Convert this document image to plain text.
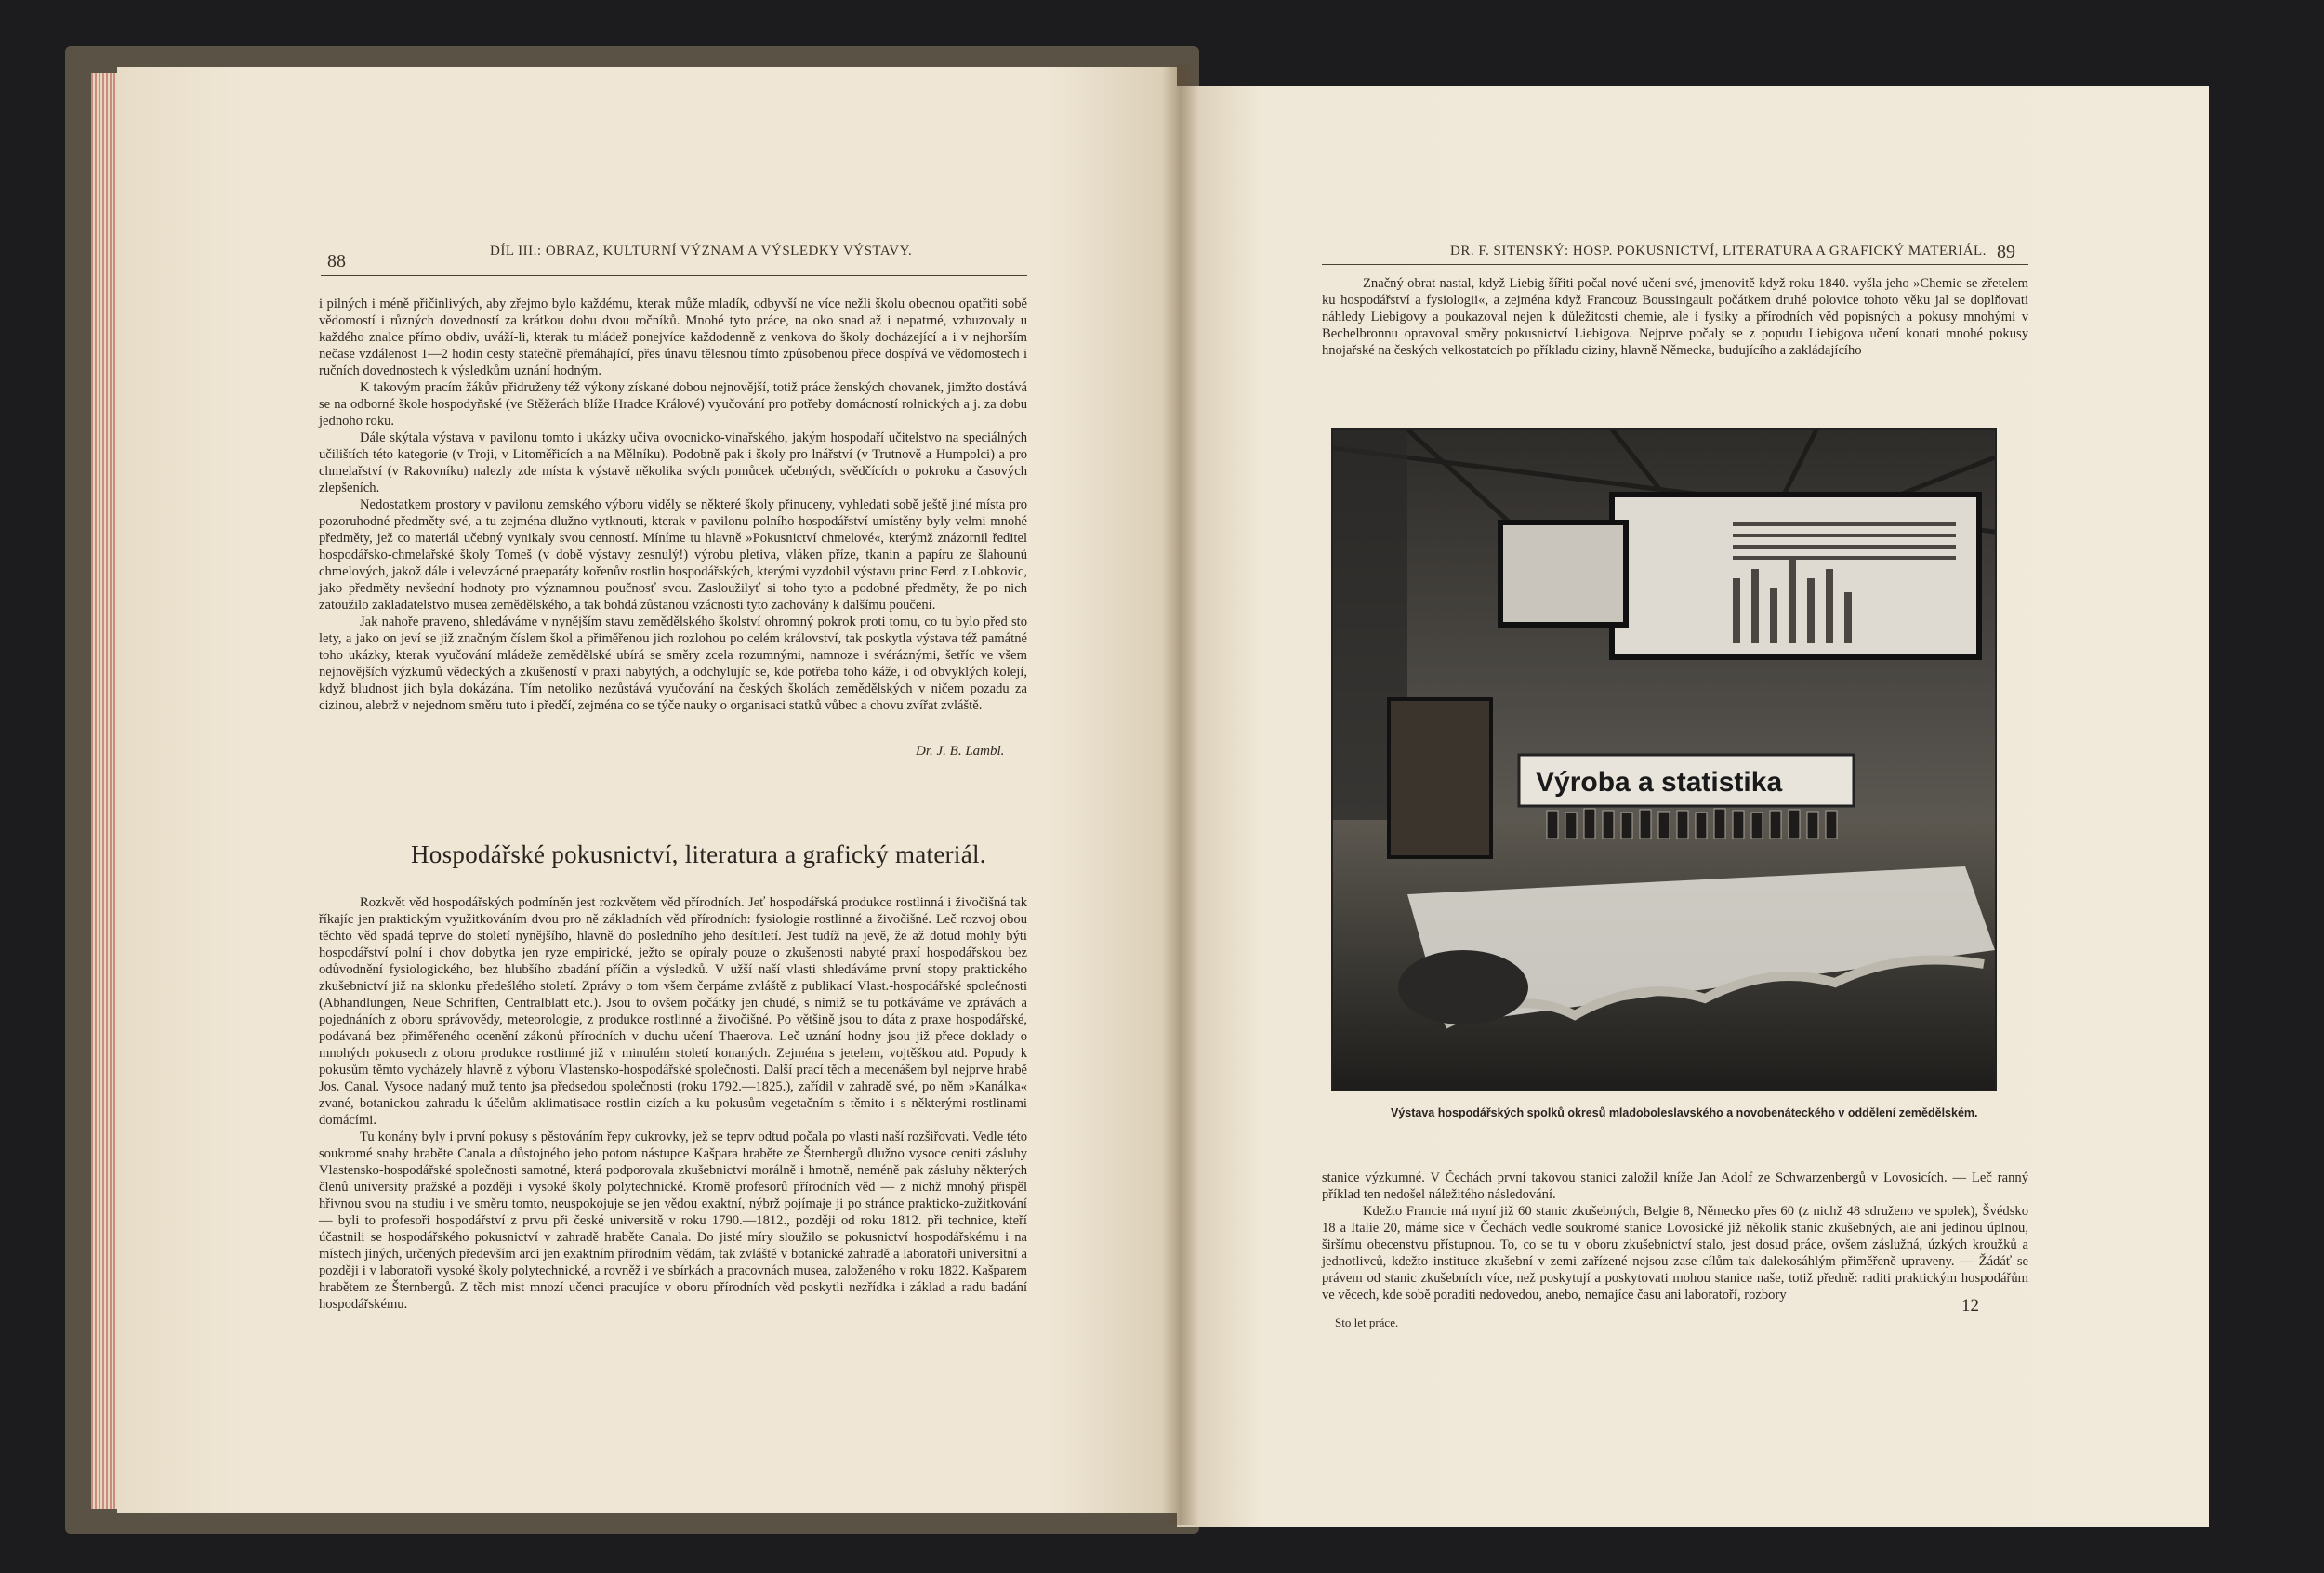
88	DÍL III.: OBRAZ, KULTURNÍ VÝZNAM A VÝSLEDKY VÝSTAVY.

i pilných i méně přičinlivých, aby zřejmo bylo každému, kterak může mladík, odbyvší ne více nežli školu obecnou opatřiti sobě vědomostí i různých dovedností za krátkou dobu dvou ročníků. Mnohé tyto práce, na oko snad až i nepatrné, vzbuzovaly u každého znalce přímo obdiv, uváží-li, kterak tu mládež ponejvíce každodenně z venkova do školy docházející a i v nejhorším nečase vzdálenost 1—2 hodin cesty statečně přemáhající, přes únavu tělesnou tímto způsobenou přece dospívá ve vědomostech i ručních dovednostech k výsledkům uznání hodným.

K takovým pracím žákův přidruženy též výkony získané dobou nejnovější, totiž práce ženských chovanek, jimžto dostává se na odborné škole hospodyňské (ve Stěžerách blíže Hradce Králové) vyučování pro potřeby domácností rolnických a j. za dobu jednoho roku.

Dále skýtala výstava v pavilonu tomto i ukázky učiva ovocnicko-vinařského, jakým hospodaří učitelstvo na speciálných učilištích této kategorie (v Troji, v Litoměřicích a na Mělníku). Podobně pak i školy pro lnářství (v Trutnově a Humpolci) a pro chmelařství (v Rakovníku) nalezly zde místa k výstavě několika svých pomůcek učebných, svědčících o pokroku a časových zlepšeních.

Nedostatkem prostory v pavilonu zemského výboru viděly se některé školy přinuceny, vyhledati sobě ještě jiné místa pro pozoruhodné předměty své, a tu zejména dlužno vytknouti, kterak v pavilonu polního hospodářství umístěny byly velmi mnohé předměty, jež co materiál učebný vynikaly svou cenností. Míníme tu hlavně »Pokusnictví chmelové«, kterýmž znázornil ředitel hospodářsko-chmelařské školy Tomeš (v době výstavy zesnulý!) výrobu pletiva, vláken příze, tkanin a papíru ze šlahounů chmelových, jakož dále i velevzácné praeparáty kořenův rostlin hospodářských, kterými vyzdobil výstavu princ Ferd. z Lobkovic, jako předměty nevšední hodnoty pro významnou poučnosť svou. Zasloužilyť si toho tyto a podobné předměty, že po nich zatoužilo zakladatelstvo musea zemědělského, a tak bohdá zůstanou vzácnosti tyto zachovány k dalšímu poučení.

Jak nahoře praveno, shledáváme v nynějším stavu zemědělského školství ohromný pokrok proti tomu, co tu bylo před sto lety, a jako on jeví se již značným číslem škol a přiměřenou jich rozlohou po celém království, tak poskytla výstava též památné toho ukázky, kterak vyučování mládeže zemědělské ubírá se směry zcela rozumnými, namnoze i svéráznými, šetříc ve všem nejnovějších výzkumů vědeckých a zkušeností v praxi nabytých, a odchylujíc se, kde potřeba toho káže, i od obvyklých kolejí, když bludnost jich byla dokázána. Tím netoliko nezůstává vyučování na českých školách zemědělských v ničem pozadu za cizinou, alebrž v nejednom směru tuto i předčí, zejména co se týče nauky o organisaci statků vůbec a chovu zvířat zvláště.

Dr. J. B. Lambl.
Hospodářské pokusnictví, literatura a grafický materiál.

Rozkvět věd hospodářských podmíněn jest rozkvětem věd přírodních. Jeť hospodářská produkce rostlinná i živočišná tak říkajíc jen praktickým využitkováním dvou pro ně základních věd přírodních: fysiologie rostlinné a živočišné. Leč rozvoj obou těchto věd spadá teprve do století nynějšího, hlavně do posledního jeho desítiletí. Jest tudíž na jevě, že až dotud mohly býti hospodářství polní i chov dobytka jen ryze empirické, ježto se opíraly pouze o zkušenosti nabyté praxí hospodářskou bez odůvodnění fysiologického, bez hlubšího zbadání příčin a výsledků. V užší naší vlasti shledáváme první stopy praktického zkušebnictví již na sklonku předešlého století. Zprávy o tom všem čerpáme zvláště z publikací Vlast.-hospodářské společnosti (Abhandlungen, Neue Schriften, Centralblatt etc.). Jsou to ovšem počátky jen chudé, s nimiž se tu potkáváme ve zprávách a pojednáních z oboru správovědy, meteorologie, z produkce rostlinné a živočišné. Po většině jsou to dáta z praxe hospodářské, podávaná bez přiměřeného ocenění zákonů přírodních v duchu učení Thaerova. Leč uznání hodny jsou již přece doklady o mnohých pokusech z oboru produkce rostlinné již v minulém století konaných. Zejména s jetelem, vojtěškou atd. Popudy k pokusům těmto vycházely hlavně z výboru Vlastensko-hospodářské společnosti. Další prací těch a mecenášem byl nejprve hrabě Jos. Canal. Vysoce nadaný muž tento jsa předsedou společnosti (roku 1792.—1825.), zařídil v zahradě své, po něm »Kanálka« zvané, botanickou zahradu k účelům aklimatisace rostlin cizích a ku pokusům vegetačním s těmito i s některými rostlinami domácími.

Tu konány byly i první pokusy s pěstováním řepy cukrovky, jež se teprv odtud počala po vlasti naší rozšiřovati. Vedle této soukromé snahy hraběte Canala a důstojného jeho potom nástupce Kašpara hraběte ze Šternbergů dlužno vysoce ceniti zásluhy Vlastensko-hospodářské společnosti samotné, která podporovala zkušebnictví morálně i hmotně, neméně pak zásluhy některých členů university pražské a později i vysoké školy polytechnické. Kromě profesorů přírodních věd — z nichž mnohý přispěl hřivnou svou na studiu i ve směru tomto, neuspokojuje se jen vědou exaktní, nýbrž pojímaje ji po stránce prakticko-zužitkování — byli to profesoři hospodářství z prvu při české universitě v roku 1790.—1812., později od roku 1812. při technice, kteří účastnili se hospodářského pokusnictví v zahradě hraběte Canala. Do jisté míry sloužilo se pokusnictví hospodářskému i na místech jiných, určených především arci jen exaktním přírodním vědám, tak zvláště v botanické zahradě a laboratoři universitní a později i v laboratoři vysoké školy polytechnické, a rovněž i ve sbírkách a pracovnách musea, založeného v roku 1822. Kašparem hrabětem ze Šternbergů. Z těch mist mnozí učenci pracujíce v oboru přírodních věd poskytli nezřídka i základ a radu badání hospodářskému.

DR. F. SITENSKÝ: HOSP. POKUSNICTVÍ, LITERATURA A GRAFICKÝ MATERIÁL. 89

Značný obrat nastal, když Liebig šířiti počal nové učení své, jmenovitě když roku 1840. vyšla jeho »Chemie se zřetelem ku hospodářství a fysiologii«, a zejména když Francouz Boussingault počátkem druhé polovice tohoto věku jal se doplňovati náhledy Liebigovy a poukazoval nejen k důležitosti chemie, ale i fysiky a přírodních věd popisných a pokusy mnohými v Bechelbronnu opravoval směry pokusnictví Liebigova. Nejprve počaly se z popudu Liebigova učení konati mnohé pokusy hnojařské na českých velkostatcích po příkladu ciziny, hlavně Německa, budujícího a zakládajícího

Výroba a statistika
Výstava hospodářských spolků okresů mladoboleslavského a novobenáteckého v oddělení zemědělském.

stanice výzkumné. V Čechách první takovou stanici založil kníže Jan Adolf ze Schwarzenbergů v Lovosicích. — Leč ranný příklad ten nedošel náležitého následování.

Kdežto Francie má nyní již 60 stanic zkušebných, Belgie 8, Německo přes 60 (z nichž 48 sdruženo ve spolek), Švédsko 18 a Italie 20, máme sice v Čechách vedle soukromé stanice Lovosické již několik stanic zkušebných, ale ani jedinou úplnou, širšímu obecenstvu přístupnou. To, co se tu v oboru zkušebnictví stalo, jest dosud práce, ovšem záslužná, úzkých kroužků a jednotlivců, kdežto instituce zkušební v zemi zařízené nejsou zase cílům tak dalekosáhlým přiměřeně upraveny. — Žádáť se právem od stanic zkušebních více, než poskytují a poskytovati mohou stanice naše, totiž předně: raditi praktickým hospodářům ve věcech, kde sobě poraditi nedovedou, anebo, nemajíce času ani laboratoří, rozbory

Sto let práce.
12
